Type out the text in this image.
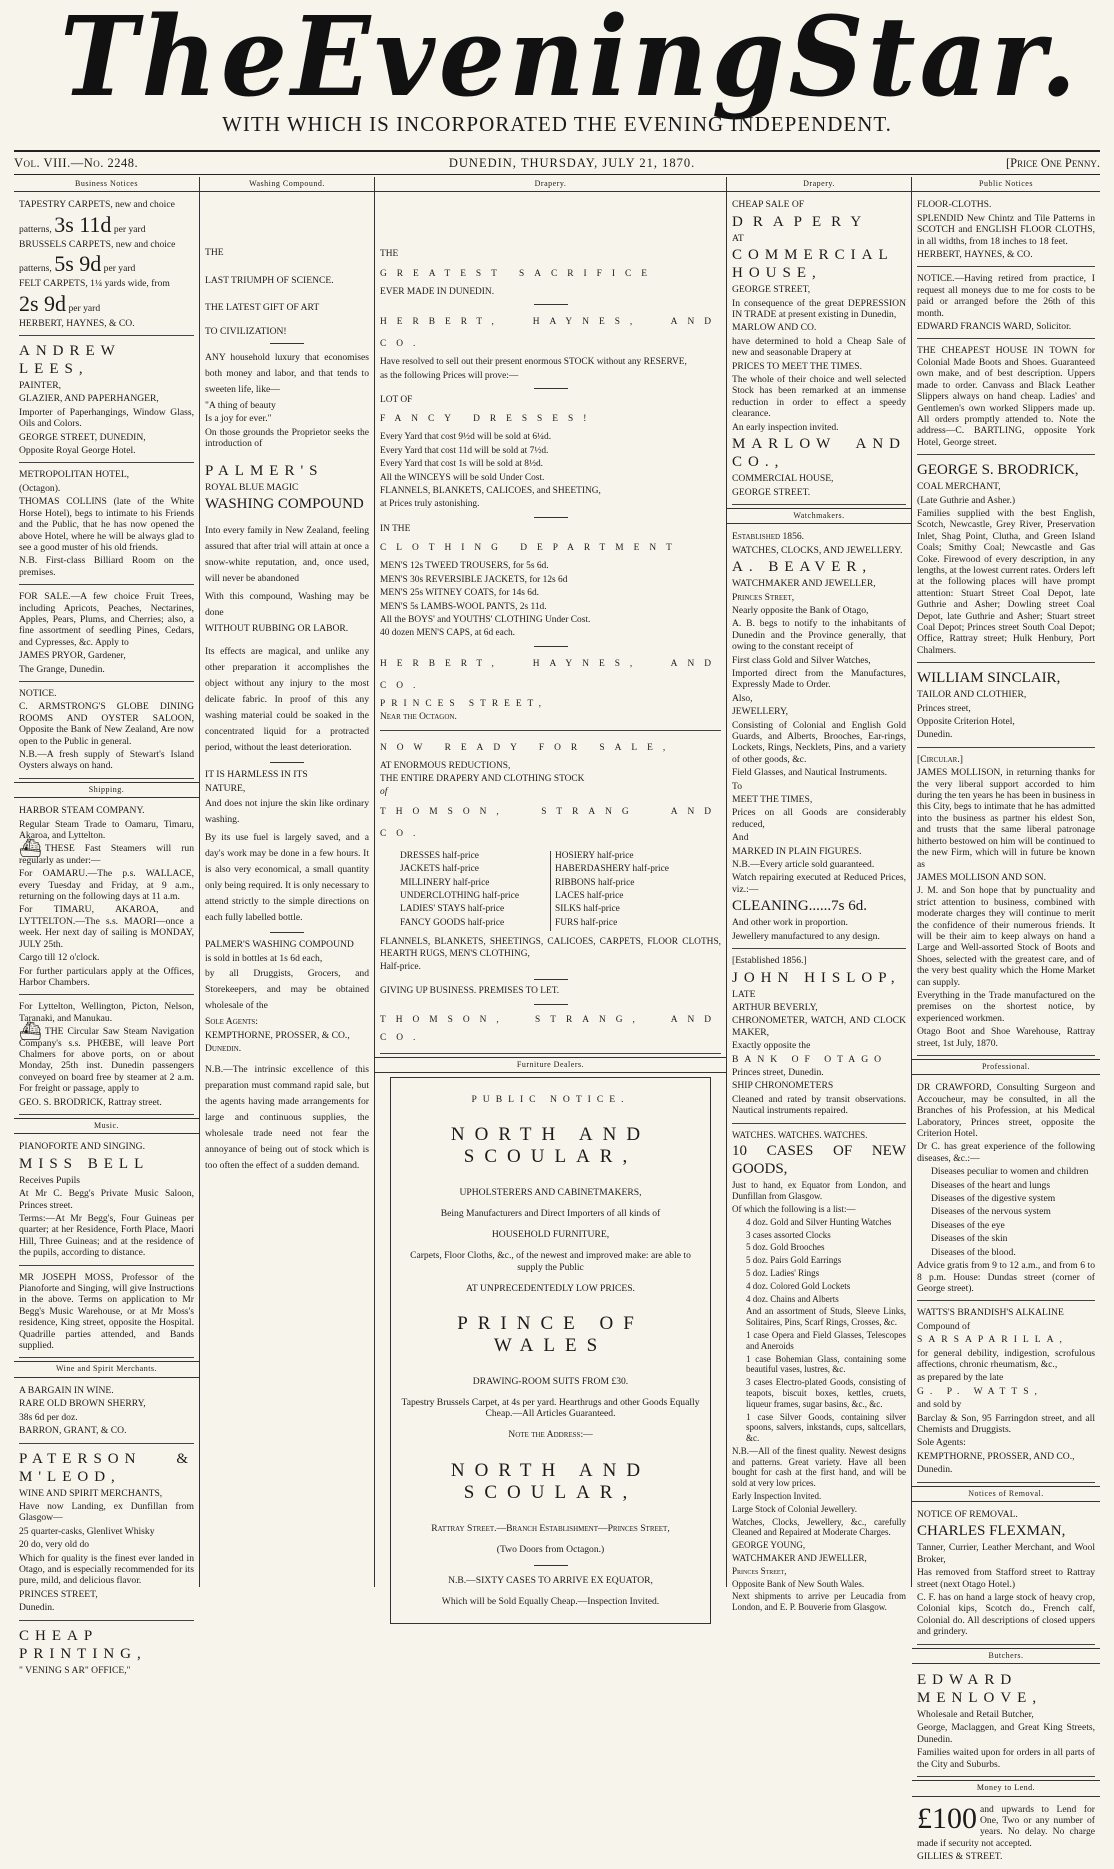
The Evening Star.
WITH WHICH IS INCORPORATED THE EVENING INDEPENDENT.
Vol. VIII.—No. 2248.	DUNEDIN, THURSDAY, JULY 21, 1870.	[Price One Penny.
Business Notices

TAPESTRY CARPETS, new and choice

patterns, 3s 11d per yard

BRUSSELS CARPETS, new and choice

patterns, 5s 9d per yard

FELT CARPETS, 1¼ yards wide, from

2s 9d per yard

HERBERT, HAYNES, & CO.

ANDREW LEES,

PAINTER,

GLAZIER, AND PAPERHANGER,

Importer of Paperhangings, Window Glass, Oils and Colors.

GEORGE STREET, DUNEDIN,

Opposite Royal George Hotel.

METROPOLITAN HOTEL,

(Octagon).

THOMAS COLLINS (late of the White Horse Hotel), begs to intimate to his Friends and the Public, that he has now opened the above Hotel, where he will be always glad to see a good muster of his old friends.

N.B. First-class Billiard Room on the premises.

FOR SALE.—A few choice Fruit Trees, including Apricots, Peaches, Nectarines, Apples, Pears, Plums, and Cherries; also, a fine assortment of seedling Pines, Cedars, and Cypresses, &c. Apply to

JAMES PRYOR, Gardener,

The Grange, Dunedin.

NOTICE.

C. ARMSTRONG'S GLOBE DINING ROOMS AND OYSTER SALOON, Opposite the Bank of New Zealand, Are now open to the Public in general.

N.B.—A fresh supply of Stewart's Island Oysters always on hand.

Shipping.

HARBOR STEAM COMPANY.

Regular Steam Trade to Oamaru, Timaru, Akaroa, and Lyttelton.

⛴ THESE Fast Steamers will run regularly as under:—

For OAMARU.—The p.s. WALLACE, every Tuesday and Friday, at 9 a.m., returning on the following days at 11 a.m.

For TIMARU, AKAROA, and LYTTELTON.—The s.s. MAORI—once a week. Her next day of sailing is MONDAY, JULY 25th.

Cargo till 12 o'clock.

For further particulars apply at the Offices, Harbor Chambers.

For Lyttelton, Wellington, Picton, Nelson, Taranaki, and Manukau.

⛴ THE Circular Saw Steam Navigation Company's s.s. PHŒBE, will leave Port Chalmers for above ports, on or about Monday, 25th inst. Dunedin passengers conveyed on board free by steamer at 2 a.m. For freight or passage, apply to

GEO. S. BRODRICK, Rattray street.

Music.

PIANOFORTE AND SINGING.

MISS BELL

Receives Pupils

At Mr C. Begg's Private Music Saloon, Princes street.

Terms:—At Mr Begg's, Four Guineas per quarter; at her Residence, Forth Place, Maori Hill, Three Guineas; and at the residence of the pupils, according to distance.

MR JOSEPH MOSS, Professor of the Pianoforte and Singing, will give Instructions in the above. Terms on application to Mr Begg's Music Warehouse, or at Mr Moss's residence, King street, opposite the Hospital. Quadrille parties attended, and Bands supplied.

Wine and Spirit Merchants.

A BARGAIN IN WINE.

RARE OLD BROWN SHERRY,

38s 6d per doz.

BARRON, GRANT, & CO.

PATERSON & M'LEOD,

WINE AND SPIRIT MERCHANTS,

Have now Landing, ex Dunfillan from Glasgow—

25 quarter-casks, Glenlivet Whisky

20 do, very old do

Which for quality is the finest ever landed in Otago, and is especially recommended for its pure, mild, and delicious flavor.

PRINCES STREET,

Dunedin.

CHEAP PRINTING,

" VENING S AR" OFFICE,"

Washing Compound.

THE

LAST TRIUMPH OF SCIENCE.

THE LATEST GIFT OF ART

TO CIVILIZATION!

ANY household luxury that economises both money and labor, and that tends to sweeten life, like—

"A thing of beauty

Is a joy for ever."

On those grounds the Proprietor seeks the introduction of

PALMER'S

ROYAL BLUE MAGIC

WASHING COMPOUND

Into every family in New Zealand, feeling assured that after trial will attain at once a snow-white reputation, and, once used, will never be abandoned

With this compound, Washing may be done

WITHOUT RUBBING OR LABOR.

Its effects are magical, and unlike any other preparation it accomplishes the object without any injury to the most delicate fabric. In proof of this any washing material could be soaked in the concentrated liquid for a protracted period, without the least deterioration.

IT IS HARMLESS IN ITS

NATURE,

And does not injure the skin like ordinary washing.

By its use fuel is largely saved, and a day's work may be done in a few hours. It is also very economical, a small quantity only being required. It is only necessary to attend strictly to the simple directions on each fully labelled bottle.

PALMER'S WASHING COMPOUND

is sold in bottles at 1s 6d each,

by all Druggists, Grocers, and Storekeepers, and may be obtained wholesale of the

Sole Agents:

KEMPTHORNE, PROSSER, & CO.,

Dunedin.

N.B.—The intrinsic excellence of this preparation must command rapid sale, but the agents having made arrangements for large and continuous supplies, the wholesale trade need not fear the annoyance of being out of stock which is too often the effect of a sudden demand.

Drapery.

THE

GREATEST SACRIFICE

EVER MADE IN DUNEDIN.

HERBERT, HAYNES, AND CO.

Have resolved to sell out their present enormous STOCK without any RESERVE,

as the following Prices will prove:—

LOT OF

FANCY DRESSES!

Every Yard that cost 9½d will be sold at 6¼d.

Every Yard that cost 11d will be sold at 7½d.

Every Yard that cost 1s will be sold at 8½d.

All the WINCEYS will be sold Under Cost.

FLANNELS, BLANKETS, CALICOES, and SHEETING,

at Prices truly astonishing.

IN THE

CLOTHING DEPARTMENT

MEN'S 12s TWEED TROUSERS, for 5s 6d.

MEN'S 30s REVERSIBLE JACKETS, for 12s 6d

MEN'S 25s WITNEY COATS, for 14s 6d.

MEN'S 5s LAMBS-WOOL PANTS, 2s 11d.

All the BOYS' and YOUTHS' CLOTHING Under Cost.

40 dozen MEN'S CAPS, at 6d each.

HERBERT, HAYNES, AND CO.

PRINCES STREET,

Near the Octagon.

NOW READY FOR SALE,

AT ENORMOUS REDUCTIONS,

THE ENTIRE DRAPERY AND CLOTHING STOCK

of

THOMSON, STRANG AND CO.

DRESSES half-price

JACKETS half-price

MILLINERY half-price

UNDERCLOTHING half-price

LADIES' STAYS half-price

FANCY GOODS half-price

HOSIERY half-price

HABERDASHERY half-price

RIBBONS half-price

LACES half-price

SILKS half-price

FURS half-price

FLANNELS, BLANKETS, SHEETINGS, CALICOES, CARPETS, FLOOR CLOTHS, HEARTH RUGS, MEN'S CLOTHING,

Half-price.

GIVING UP BUSINESS. PREMISES TO LET.

THOMSON, STRANG, AND CO.

Furniture Dealers.

PUBLIC NOTICE.

NORTH AND SCOULAR,

UPHOLSTERERS AND CABINETMAKERS,

Being Manufacturers and Direct Importers of all kinds of

HOUSEHOLD FURNITURE,

Carpets, Floor Cloths, &c., of the newest and improved make: are able to supply the Public

AT UNPRECEDENTEDLY LOW PRICES.

PRINCE OF WALES

DRAWING-ROOM SUITS FROM £30.

Tapestry Brussels Carpet, at 4s per yard. Hearthrugs and other Goods Equally Cheap.—All Articles Guaranteed.

Note the Address:—

NORTH AND SCOULAR,

Rattray Street.—Branch Establishment—Princes Street,

(Two Doors from Octagon.)

N.B.—SIXTY CASES TO ARRIVE EX EQUATOR,

Which will be Sold Equally Cheap.—Inspection Invited.

Drapery.

CHEAP SALE OF

DRAPERY

AT

COMMERCIAL HOUSE,

GEORGE STREET,

In consequence of the great DEPRESSION IN TRADE at present existing in Dunedin,

MARLOW AND CO.

have determined to hold a Cheap Sale of new and seasonable Drapery at

PRICES TO MEET THE TIMES.

The whole of their choice and well selected Stock has been remarked at an immense reduction in order to effect a speedy clearance.

An early inspection invited.

MARLOW AND CO.,

COMMERCIAL HOUSE,

GEORGE STREET.

Watchmakers.

Established 1856.

WATCHES, CLOCKS, AND JEWELLERY.

A. BEAVER,

WATCHMAKER AND JEWELLER,

Princes Street,

Nearly opposite the Bank of Otago,

A. B. begs to notify to the inhabitants of Dunedin and the Province generally, that owing to the constant receipt of

First class Gold and Silver Watches,

Imported direct from the Manufactures, Expressly Made to Order.

Also,

JEWELLERY,

Consisting of Colonial and English Gold Guards, and Alberts, Brooches, Ear-rings, Lockets, Rings, Necklets, Pins, and a variety of other goods, &c.

Field Glasses, and Nautical Instruments.

To

MEET THE TIMES,

Prices on all Goods are considerably reduced,

And

MARKED IN PLAIN FIGURES.

N.B.—Every article sold guaranteed.

Watch repairing executed at Reduced Prices, viz.:—

CLEANING......7s 6d.

And other work in proportion.

Jewellery manufactured to any design.

[Established 1856.]

JOHN HISLOP,

LATE

ARTHUR BEVERLY,

CHRONOMETER, WATCH, AND CLOCK MAKER,

Exactly opposite the

BANK OF OTAGO

Princes street, Dunedin.

SHIP CHRONOMETERS

Cleaned and rated by transit observations. Nautical instruments repaired.

WATCHES. WATCHES. WATCHES.

10 CASES OF NEW GOODS,

Just to hand, ex Equator from London, and Dunfillan from Glasgow.

Of which the following is a list:—

4 doz. Gold and Silver Hunting Watches

3 cases assorted Clocks

5 doz. Gold Brooches

5 doz. Pairs Gold Earrings

5 doz. Ladies' Rings

4 doz. Colored Gold Lockets

4 doz. Chains and Alberts

And an assortment of Studs, Sleeve Links, Solitaires, Pins, Scarf Rings, Crosses, &c.

1 case Opera and Field Glasses, Telescopes and Aneroids

1 case Bohemian Glass, containing some beautiful vases, lustres, &c.

3 cases Electro-plated Goods, consisting of teapots, biscuit boxes, kettles, cruets, liqueur frames, sugar basins, &c., &c.

1 case Silver Goods, containing silver spoons, salvers, inkstands, cups, saltcellars, &c.

N.B.—All of the finest quality. Newest designs and patterns. Great variety. Have all been bought for cash at the first hand, and will be sold at very low prices.

Early Inspection Invited.

Large Stock of Colonial Jewellery.

Watches, Clocks, Jewellery, &c., carefully Cleaned and Repaired at Moderate Charges.

GEORGE YOUNG,

WATCHMAKER AND JEWELLER,

Princes Street,

Opposite Bank of New South Wales.

Next shipments to arrive per Leucadia from London, and E. P. Bouverie from Glasgow.

Public Notices

FLOOR-CLOTHS.

SPLENDID New Chintz and Tile Patterns in SCOTCH and ENGLISH FLOOR CLOTHS, in all widths, from 18 inches to 18 feet.

HERBERT, HAYNES, & CO.

NOTICE.—Having retired from practice, I request all moneys due to me for costs to be paid or arranged before the 26th of this month.

EDWARD FRANCIS WARD, Solicitor.

THE CHEAPEST HOUSE IN TOWN for Colonial Made Boots and Shoes. Guaranteed own make, and of best description. Uppers made to order. Canvass and Black Leather Slippers always on hand cheap. Ladies' and Gentlemen's own worked Slippers made up. All orders promptly attended to. Note the address—C. BARTLING, opposite York Hotel, George street.

GEORGE S. BRODRICK,

COAL MERCHANT,

(Late Guthrie and Asher.)

Families supplied with the best English, Scotch, Newcastle, Grey River, Preservation Inlet, Shag Point, Clutha, and Green Island Coals; Smithy Coal; Newcastle and Gas Coke. Firewood of every description, in any lengths, at the lowest current rates. Orders left at the following places will have prompt attention: Stuart Street Coal Depot, late Guthrie and Asher; Dowling street Coal Depot, late Guthrie and Asher; Stuart street Coal Depot; Princes street South Coal Depot; Office, Rattray street; Hulk Henbury, Port Chalmers.

WILLIAM SINCLAIR,

TAILOR AND CLOTHIER,

Princes street,

Opposite Criterion Hotel,

Dunedin.

[Circular.]

JAMES MOLLISON, in returning thanks for the very liberal support accorded to him during the ten years he has been in business in this City, begs to intimate that he has admitted into the business as partner his eldest Son, and trusts that the same liberal patronage hitherto bestowed on him will be continued to the new Firm, which will in future be known as

JAMES MOLLISON AND SON.

J. M. and Son hope that by punctuality and strict attention to business, combined with moderate charges they will continue to merit the confidence of their numerous friends. It will be their aim to keep always on hand a Large and Well-assorted Stock of Boots and Shoes, selected with the greatest care, and of the very best quality which the Home Market can supply.

Everything in the Trade manufactured on the premises on the shortest notice, by experienced workmen.

Otago Boot and Shoe Warehouse, Rattray street, 1st July, 1870.

Professional.

DR CRAWFORD, Consulting Surgeon and Accoucheur, may be consulted, in all the Branches of his Profession, at his Medical Laboratory, Princes street, opposite the Criterion Hotel.

Dr C. has great experience of the following diseases, &c.:—

Diseases peculiar to women and children

Diseases of the heart and lungs

Diseases of the digestive system

Diseases of the nervous system

Diseases of the eye

Diseases of the skin

Diseases of the blood.

Advice gratis from 9 to 12 a.m., and from 6 to 8 p.m. House: Dundas street (corner of George street).

WATTS'S BRANDISH'S ALKALINE

Compound of

SARSAPARILLA,

for general debility, indigestion, scrofulous affections, chronic rheumatism, &c.,

as prepared by the late

G. P. WATTS,

and sold by

Barclay & Son, 95 Farringdon street, and all Chemists and Druggists.

Sole Agents:

KEMPTHORNE, PROSSER, AND CO.,

Dunedin.

Notices of Removal.

NOTICE OF REMOVAL.

CHARLES FLEXMAN,

Tanner, Currier, Leather Merchant, and Wool Broker,

Has removed from Stafford street to Rattray street (next Otago Hotel.)

C. F. has on hand a large stock of heavy crop, Colonial kips, Scotch do., French calf, Colonial do. All descriptions of closed uppers and grindery.

Butchers.

EDWARD MENLOVE,

Wholesale and Retail Butcher,

George, Maclaggen, and Great King Streets, Dunedin.

Families waited upon for orders in all parts of the City and Suburbs.

Money to Lend.

£100 and upwards to Lend for One, Two or any number of years. No delay. No charge made if security not accepted.

GILLIES & STREET.
